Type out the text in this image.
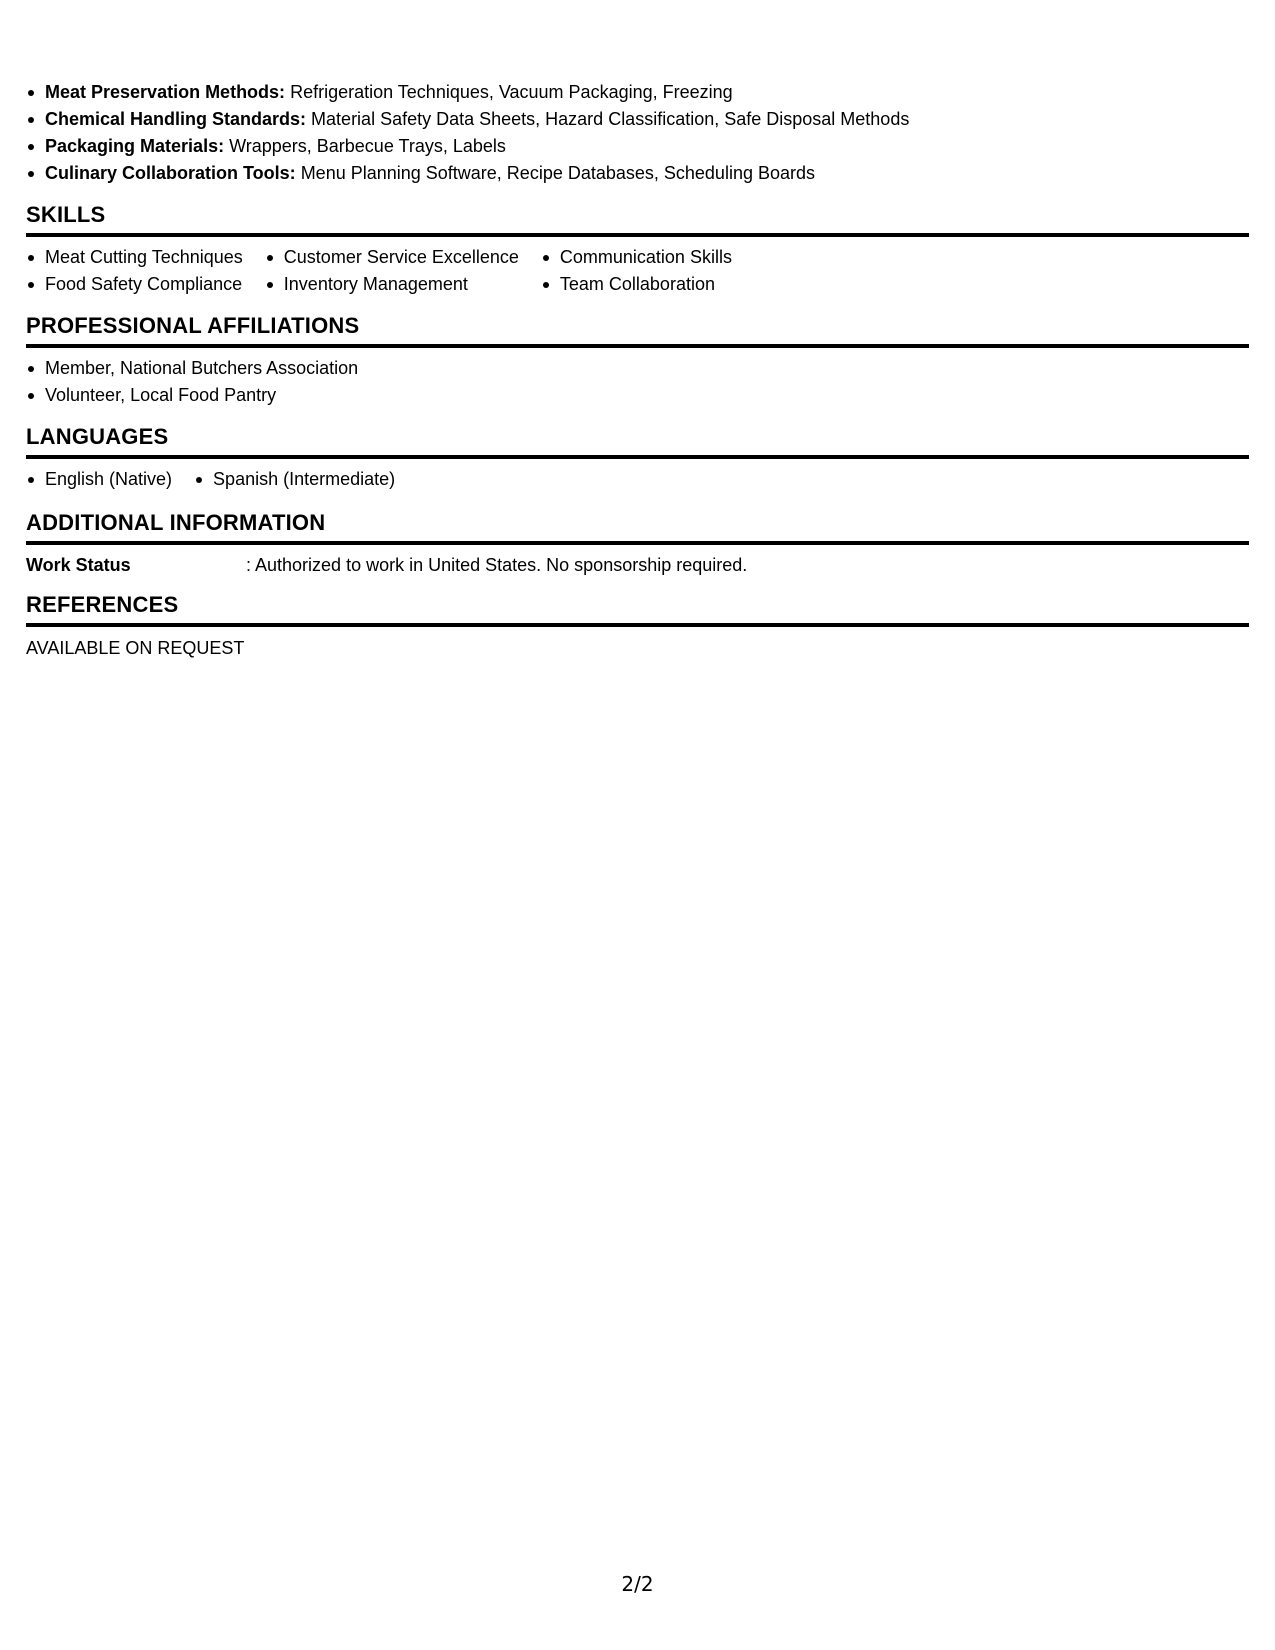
Meat Preservation Methods: Refrigeration Techniques, Vacuum Packaging, Freezing
Chemical Handling Standards: Material Safety Data Sheets, Hazard Classification, Safe Disposal Methods
Packaging Materials: Wrappers, Barbecue Trays, Labels
Culinary Collaboration Tools: Menu Planning Software, Recipe Databases, Scheduling Boards
SKILLS
Meat Cutting Techniques
Food Safety Compliance
Customer Service Excellence
Inventory Management
Communication Skills
Team Collaboration
PROFESSIONAL AFFILIATIONS
Member, National Butchers Association
Volunteer, Local Food Pantry
LANGUAGES
English (Native)	Spanish (Intermediate)
ADDITIONAL INFORMATION
Work Status	: Authorized to work in United States. No sponsorship required.
REFERENCES
AVAILABLE ON REQUEST
2/2
